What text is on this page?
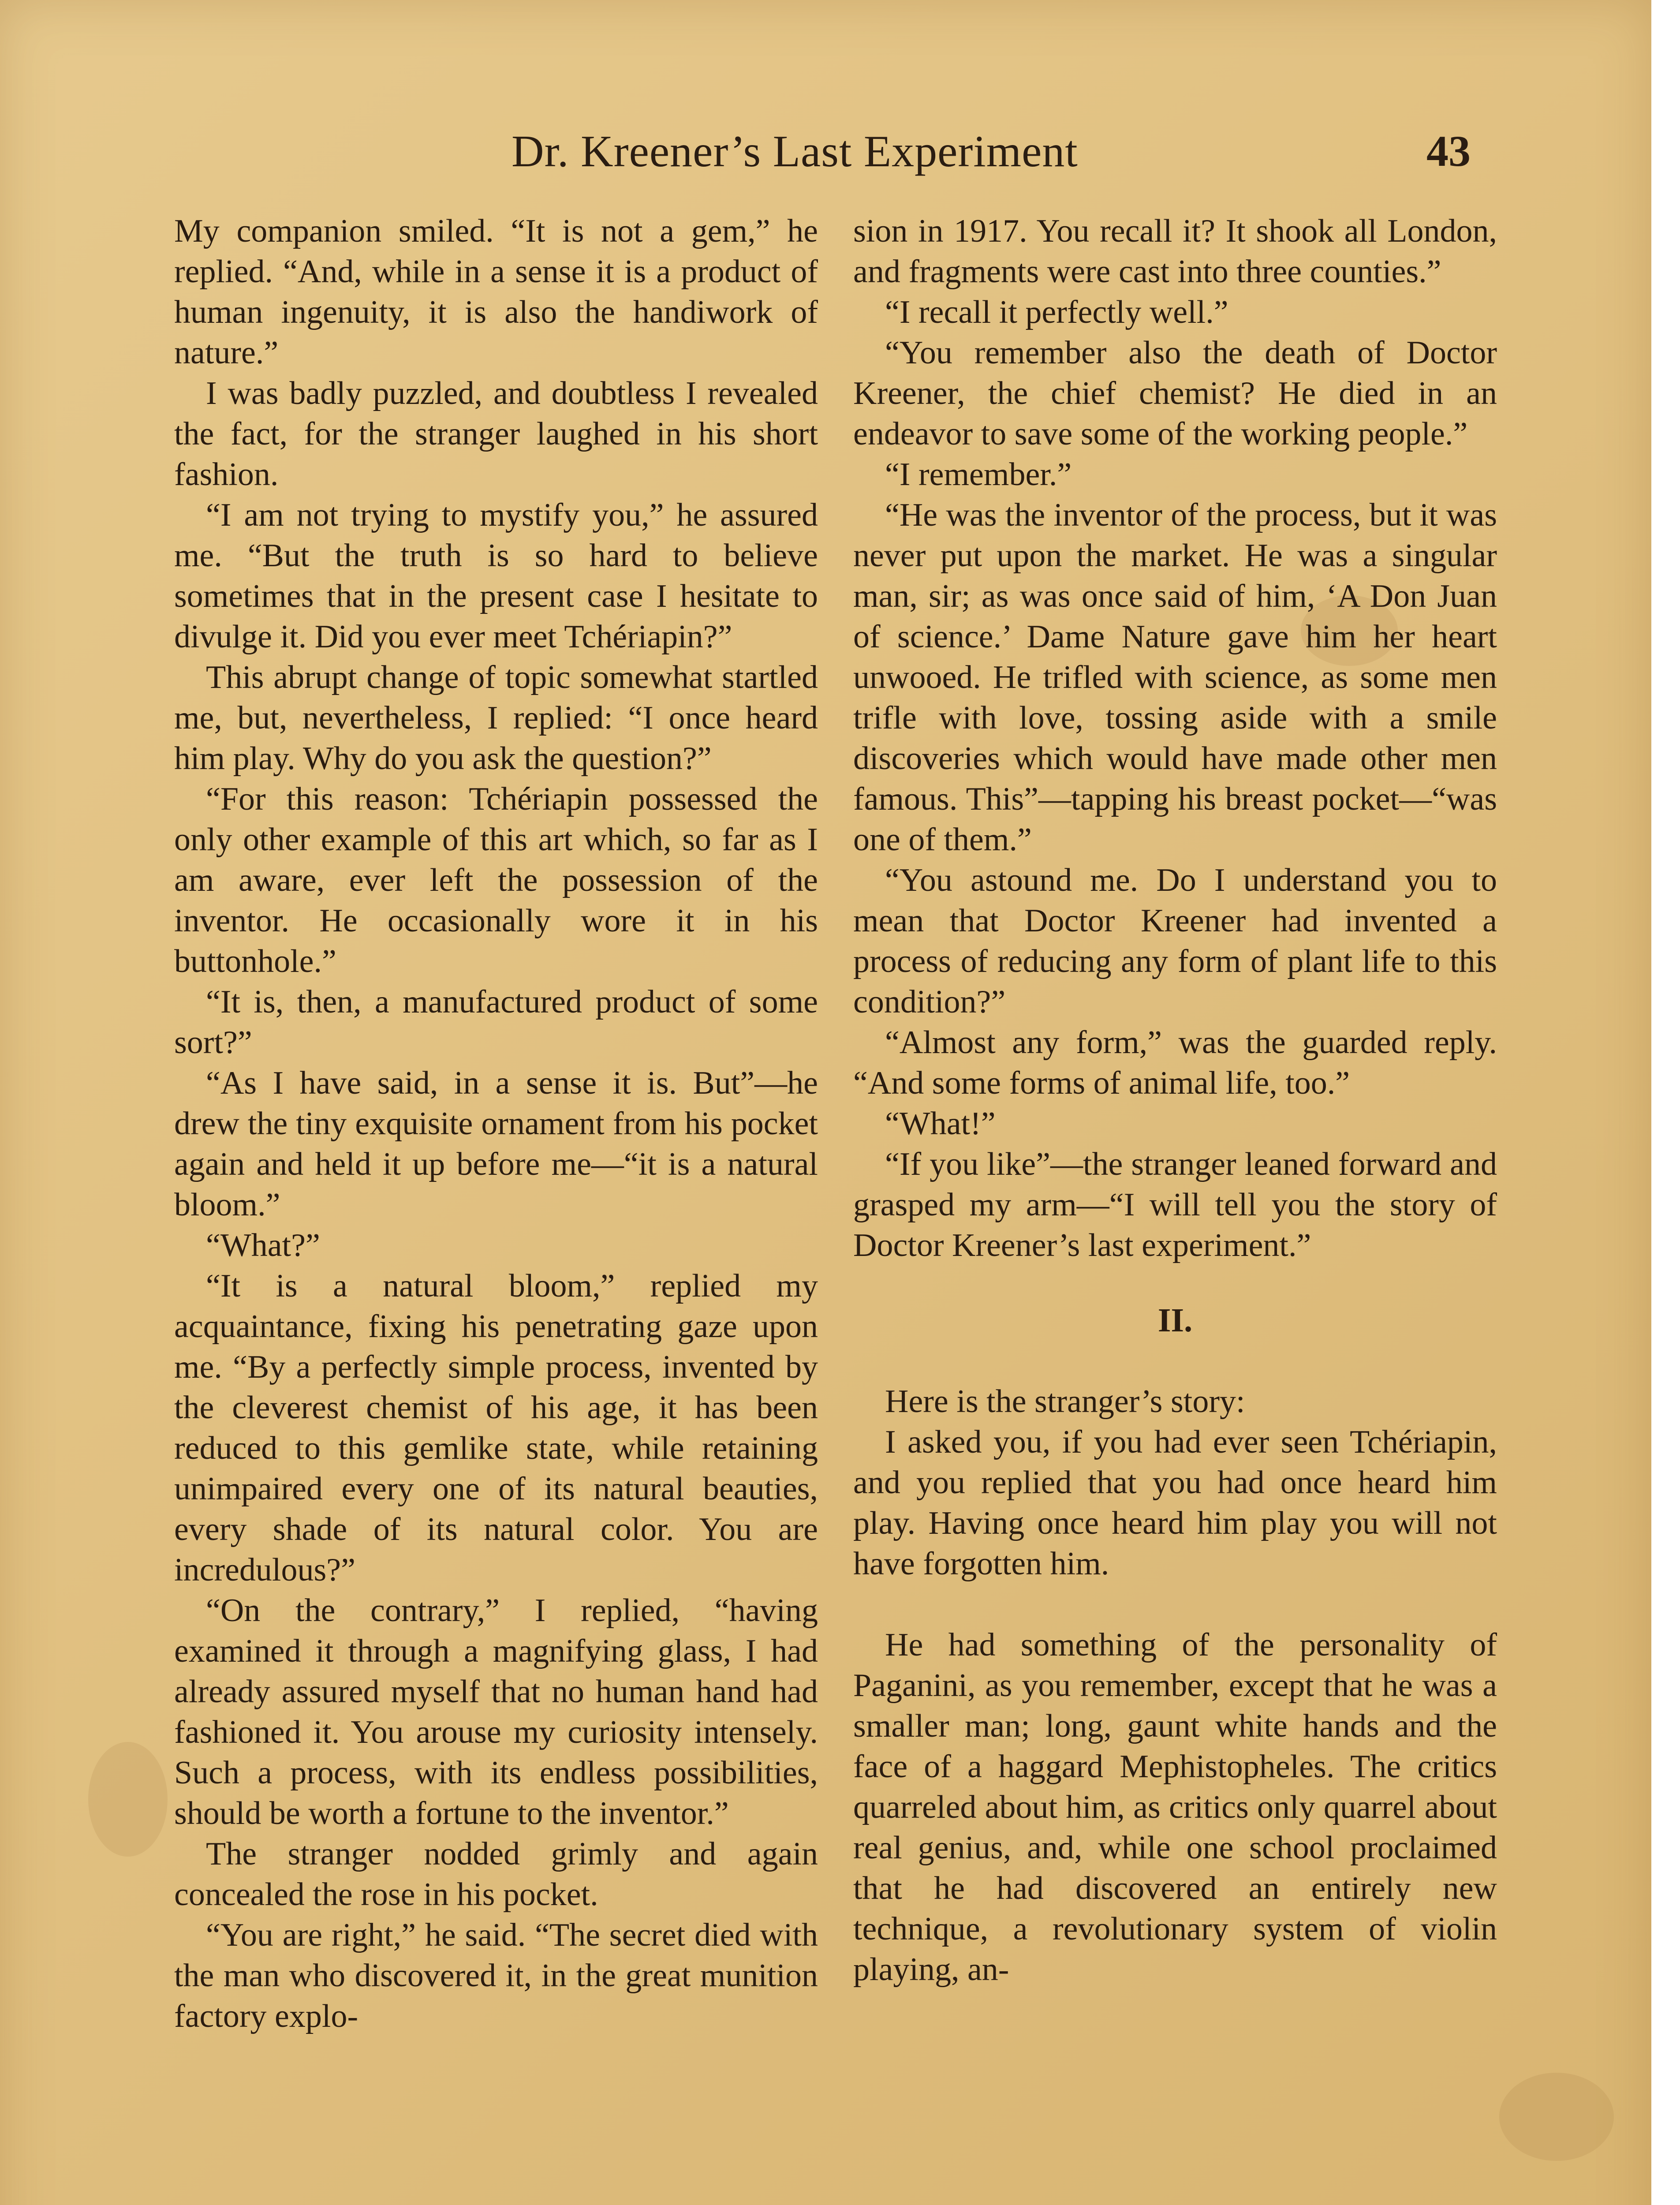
Dr. Kreener’s Last Experiment	43

My companion smiled. “It is not a gem,” he replied. “And, while in a sense it is a product of human ingenuity, it is also the handiwork of nature.”

I was badly puzzled, and doubtless I revealed the fact, for the stranger laughed in his short fashion.

“I am not trying to mystify you,” he assured me. “But the truth is so hard to believe sometimes that in the present case I hesitate to divulge it. Did you ever meet Tchériapin?”

This abrupt change of topic somewhat startled me, but, nevertheless, I replied: “I once heard him play. Why do you ask the question?”

“For this reason: Tchériapin possessed the only other example of this art which, so far as I am aware, ever left the possession of the inventor. He occasionally wore it in his buttonhole.”

“It is, then, a manufactured product of some sort?”

“As I have said, in a sense it is. But”—he drew the tiny exquisite ornament from his pocket again and held it up before me—“it is a natural bloom.”

“What?”

“It is a natural bloom,” replied my acquaintance, fixing his penetrating gaze upon me. “By a perfectly simple process, invented by the cleverest chemist of his age, it has been reduced to this gemlike state, while retaining unimpaired every one of its natural beauties, every shade of its natural color. You are incredulous?”

“On the contrary,” I replied, “having examined it through a magnifying glass, I had already assured myself that no human hand had fashioned it. You arouse my curiosity intensely. Such a process, with its endless possibilities, should be worth a fortune to the inventor.”

The stranger nodded grimly and again concealed the rose in his pocket.

“You are right,” he said. “The secret died with the man who discovered it, in the great munition factory explo-

sion in 1917. You recall it? It shook all London, and fragments were cast into three counties.”

“I recall it perfectly well.”

“You remember also the death of Doctor Kreener, the chief chemist? He died in an endeavor to save some of the working people.”

“I remember.”

“He was the inventor of the process, but it was never put upon the market. He was a singular man, sir; as was once said of him, ‘A Don Juan of science.’ Dame Nature gave him her heart unwooed. He trifled with science, as some men trifle with love, tossing aside with a smile discoveries which would have made other men famous. This”—tapping his breast pocket—“was one of them.”

“You astound me. Do I understand you to mean that Doctor Kreener had invented a process of reducing any form of plant life to this condition?”

“Almost any form,” was the guarded reply. “And some forms of animal life, too.”

“What!”

“If you like”—the stranger leaned forward and grasped my arm—“I will tell you the story of Doctor Kreener’s last experiment.”

II.

Here is the stranger’s story:

I asked you, if you had ever seen Tchériapin, and you replied that you had once heard him play. Having once heard him play you will not have forgotten him.

He had something of the personality of Paganini, as you remember, except that he was a smaller man; long, gaunt white hands and the face of a haggard Mephistopheles. The critics quarreled about him, as critics only quarrel about real genius, and, while one school proclaimed that he had discovered an entirely new technique, a revolutionary system of violin playing, an-
